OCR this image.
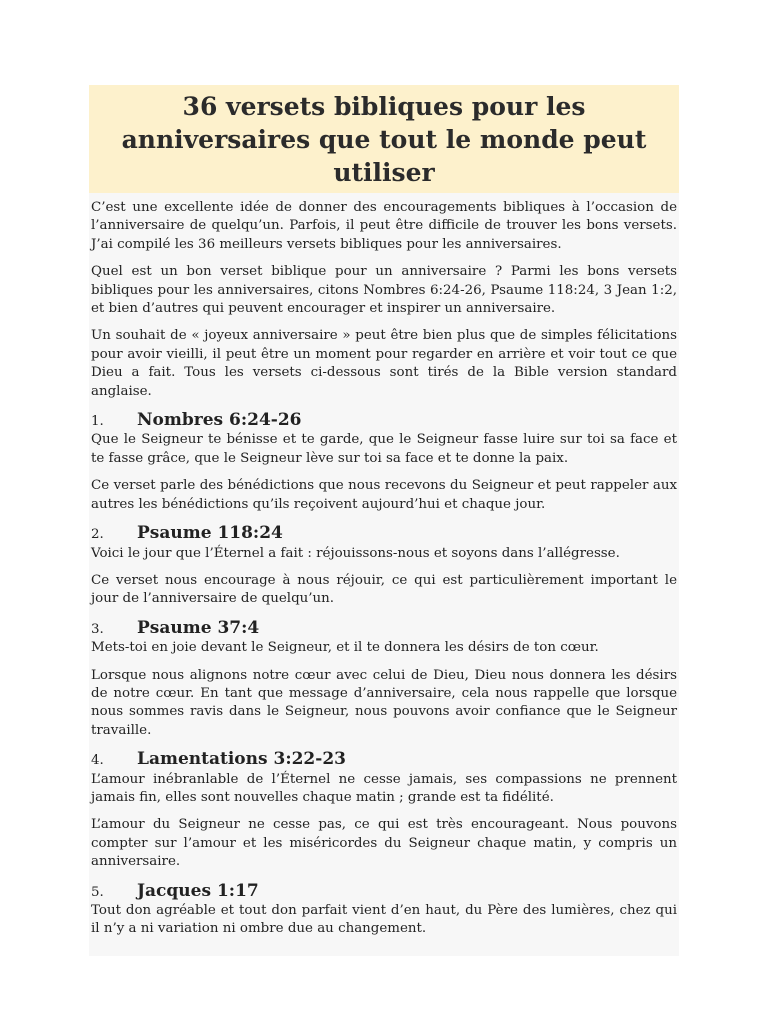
36 versets bibliques pour les anniversaires que tout le monde peut utiliser

C’est une excellente idée de donner des encouragements bibliques à l’occasion de l’anniversaire de quelqu’un. Parfois, il peut être difficile de trouver les bons versets. J’ai compilé les 36 meilleurs versets bibliques pour les anniversaires.

Quel est un bon verset biblique pour un anniversaire ? Parmi les bons versets bibliques pour les anniversaires, citons Nombres 6:24-26, Psaume 118:24, 3 Jean 1:2, et bien d’autres qui peuvent encourager et inspirer un anniversaire.

Un souhait de « joyeux anniversaire » peut être bien plus que de simples félicitations pour avoir vieilli, il peut être un moment pour regarder en arrière et voir tout ce que Dieu a fait. Tous les versets ci-dessous sont tirés de la Bible version standard anglaise.

1.	Nombres 6:24-26

Que le Seigneur te bénisse et te garde, que le Seigneur fasse luire sur toi sa face et te fasse grâce, que le Seigneur lève sur toi sa face et te donne la paix.

Ce verset parle des bénédictions que nous recevons du Seigneur et peut rappeler aux autres les bénédictions qu’ils reçoivent aujourd’hui et chaque jour.

2.	Psaume 118:24

Voici le jour que l’Éternel a fait : réjouissons-nous et soyons dans l’allégresse.

Ce verset nous encourage à nous réjouir, ce qui est particulièrement important le jour de l’anniversaire de quelqu’un.

3.	Psaume 37:4

Mets-toi en joie devant le Seigneur, et il te donnera les désirs de ton cœur.

Lorsque nous alignons notre cœur avec celui de Dieu, Dieu nous donnera les désirs de notre cœur. En tant que message d’anniversaire, cela nous rappelle que lorsque nous sommes ravis dans le Seigneur, nous pouvons avoir confiance que le Seigneur travaille.

4.	Lamentations 3:22-23

L’amour inébranlable de l’Éternel ne cesse jamais, ses compassions ne prennent jamais fin, elles sont nouvelles chaque matin ; grande est ta fidélité.

L’amour du Seigneur ne cesse pas, ce qui est très encourageant. Nous pouvons compter sur l’amour et les miséricordes du Seigneur chaque matin, y compris un anniversaire.

5.	Jacques 1:17

Tout don agréable et tout don parfait vient d’en haut, du Père des lumières, chez qui il n’y a ni variation ni ombre due au changement.
